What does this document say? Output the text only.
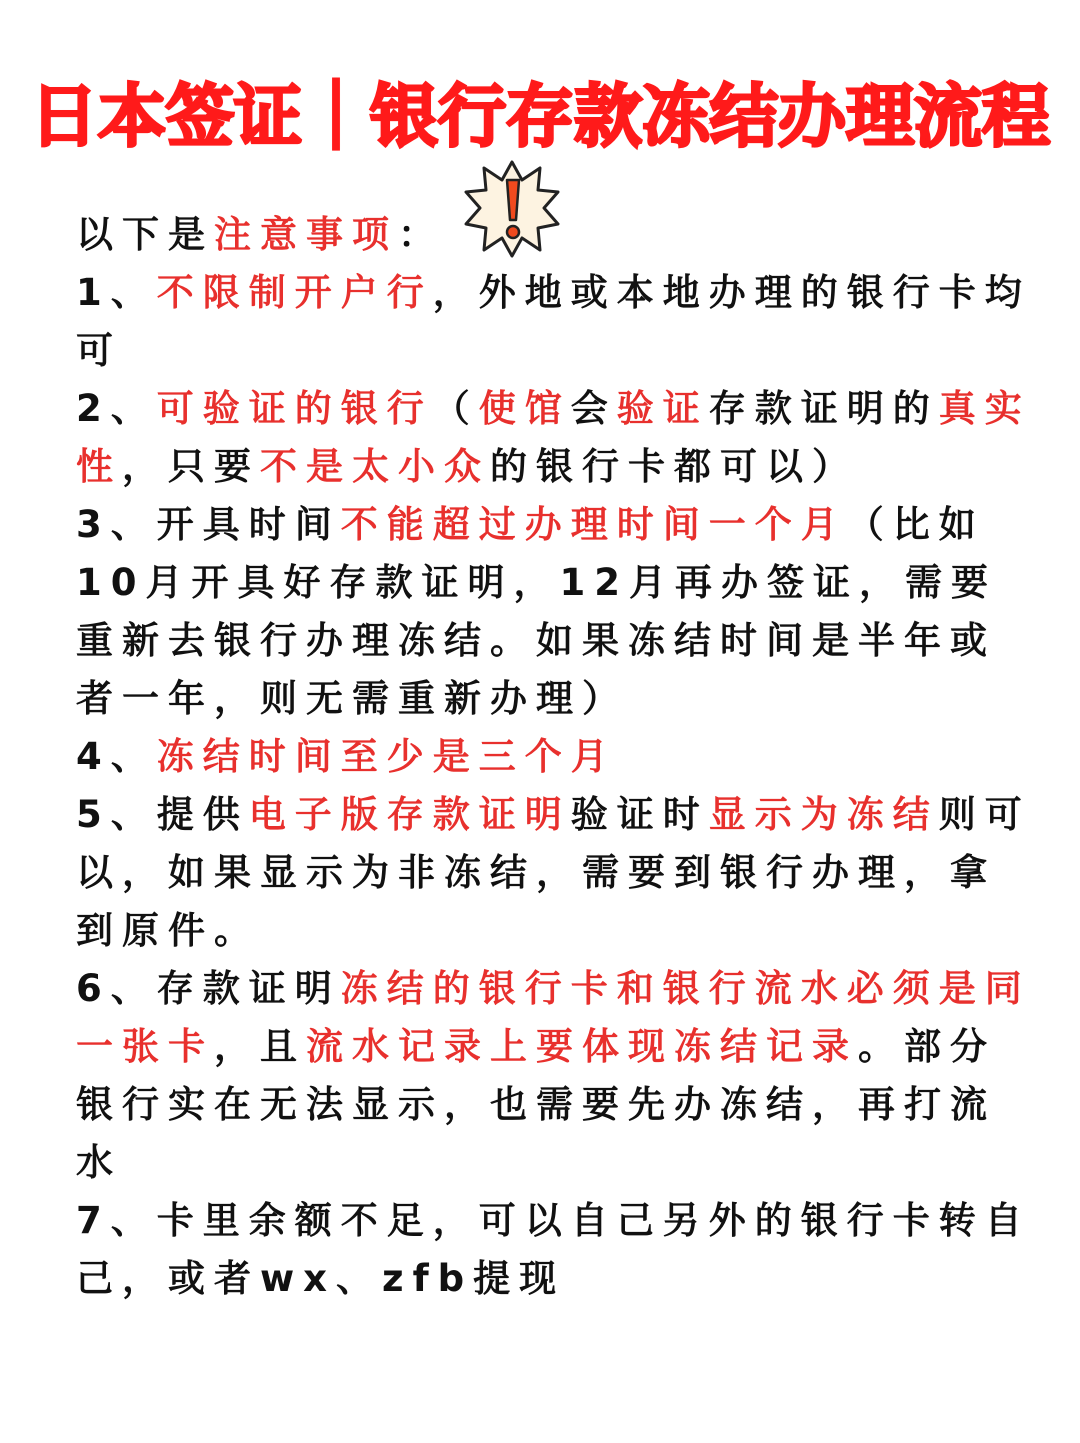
日本签证｜银行存款冻结办理流程

以下是注意事项：

1、不限制开户行，外地或本地办理的银行卡均可

2、可验证的银行（使馆会验证存款证明的真实性，只要不是太小众的银行卡都可以）

3、开具时间不能超过办理时间一个月（比如10月开具好存款证明，12月再办签证，需要重新去银行办理冻结。如果冻结时间是半年或者一年，则无需重新办理）

4、冻结时间至少是三个月

5、提供电子版存款证明验证时显示为冻结则可以，如果显示为非冻结，需要到银行办理，拿到原件。

6、存款证明冻结的银行卡和银行流水必须是同一张卡，且流水记录上要体现冻结记录。部分银行实在无法显示，也需要先办冻结，再打流水

7、卡里余额不足，可以自己另外的银行卡转自己，或者wx、zfb提现
